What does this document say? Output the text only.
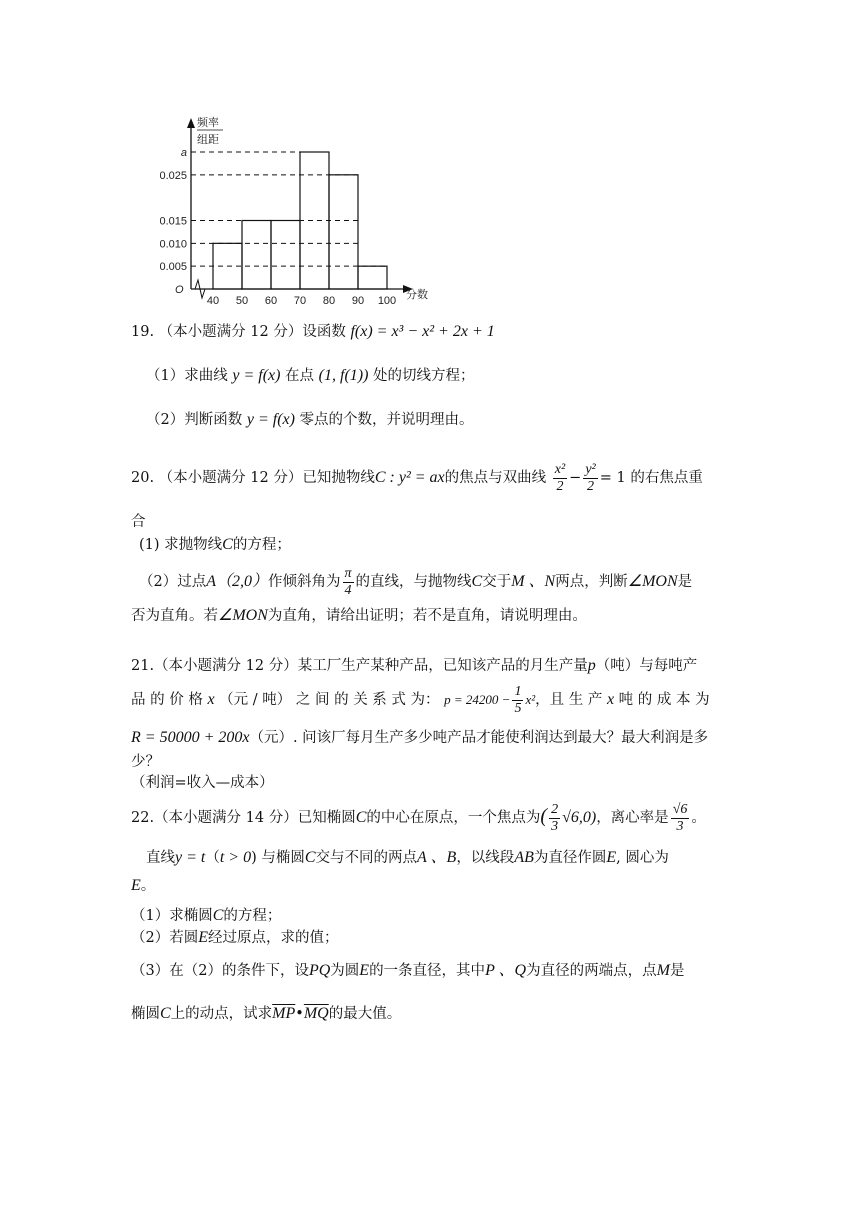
频率
组距
O	分数
a
0.025
0.015
0.010
0.005
40 50 60 70 80 90 100
19. （本小题满分 12 分）设函数 f(x) = x³ − x² + 2x + 1
（1）求曲线 y = f(x) 在点 (1, f(1)) 处的切线方程；
（2）判断函数 y = f(x) 零点的个数，并说明理由。
20. （本小题满分 12 分）已知抛物线C : y² = ax的焦点与双曲线 $\frac{\text{x²}}{2} - \frac{\text{y²}}{2} = 1$ 的右焦点重
合
(1) 求抛物线C的方程；
（2）过点A（2,0）作倾斜角为 $\frac{\pi}{4}$ 的直线，与抛物线C交于M 、N两点，判断∠MON是
否为直角。若∠MON为直角，请给出证明；若不是直角，请说明理由。
21.（本小题满分 12 分）某工厂生产某种产品，已知该产品的月生产量p（吨）与每吨产
品 的 价 格 x （元 / 吨） 之 间 的 关 系 式 为： $p = 24200 - \frac{1}{5} x^2$，且 生 产 x 吨 的 成 本 为
R = 50000 + 200x（元）. 问该厂每月生产多少吨产品才能使利润达到最大？最大利润是多
少？
（利润=收入—成本）
22.（本小题满分 14 分）已知椭圆C的中心在原点，一个焦点为( $\frac{2}{3} √6,0$)，离心率是 $\frac{√6}{3}$ 。
直线y = t（t > 0) 与椭圆C交与不同的两点A 、B，以线段AB为直径作圆E, 圆心为
E。
（1）求椭圆C的方程；
（2）若圆E经过原点，求的值；
（3）在（2）的条件下，设PQ为圆E的一条直径，其中P 、Q为直径的两端点，点M是
椭圆C上的动点，试求$\overline{MP}•\overline{MQ}$的最大值。
